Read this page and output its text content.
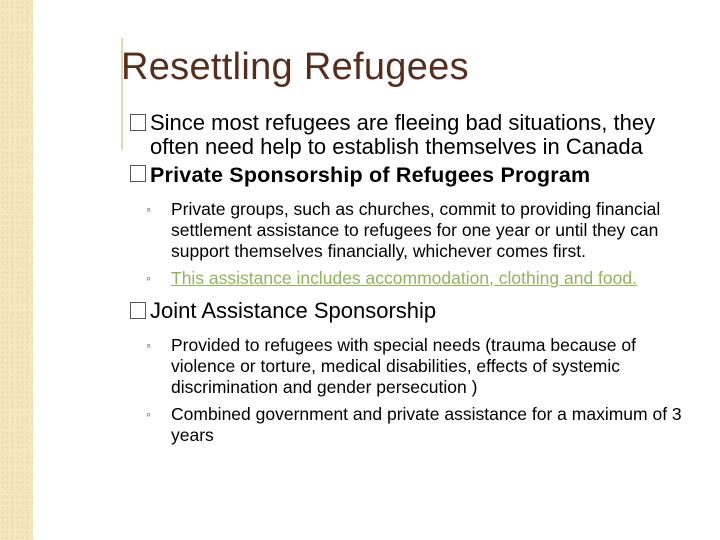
Resettling Refugees
Since most refugees are fleeing bad situations, they often need help to establish themselves in Canada
Private Sponsorship of Refugees Program
◦ Private groups, such as churches, commit to providing financial settlement assistance to refugees for one year or until they can support themselves financially, whichever comes first.
◦ This assistance includes accommodation, clothing and food.
Joint Assistance Sponsorship
◦ Provided to refugees with special needs (trauma because of violence or torture, medical disabilities, effects of systemic discrimination and gender persecution )
◦ Combined government and private assistance for a maximum of 3 years
